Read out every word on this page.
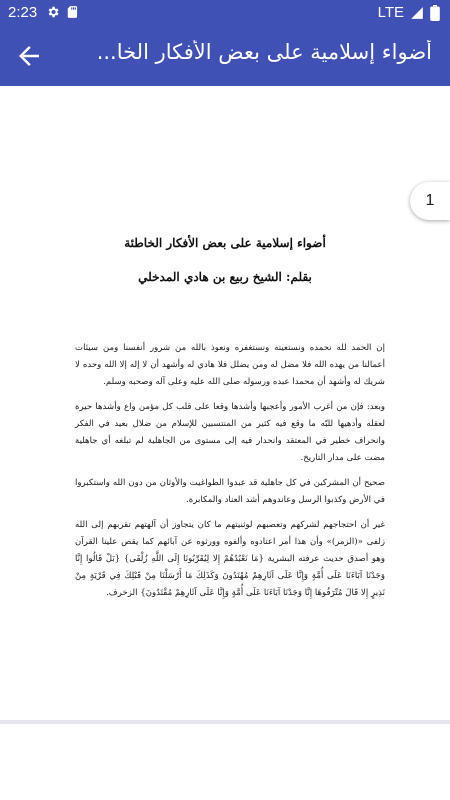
2:23	LTE
أضواء إسلامية على بعض الأفكار الخا...
1
أضواء إسلامية على بعض الأفكار الخاطئة
بقلم: الشيخ ربيع بن هادي المدخلي

إن الحمد لله نحمده ونستعينه ونستغفره ونعوذ بالله من شرور أنفسنا ومن سيئات أعمالنا من يهده الله فلا مضل له ومن يضلل فلا هادي له وأشهد أن لا إله إلا الله وحده لا شريك له وأشهد أن محمدا عبده ورسوله صلى الله عليه وعلى آله وصحبه وسلم.

وبعد: فإن من أغرب الأمور وأعجبها وأشدها وقعا على قلب كل مؤمن واع وأشدها حيرة لعقله وأدهيها للبّه ما وقع فيه كثير من المنتسبين للإسلام من ضلال بعيد في الفكر وانحراف خطير في المعتقد وانحدار فيه إلى مستوى من الجاهلية لم تبلغه أي جاهلية مضت على مدار التاريخ.

صحيح أن المشركين في كل جاهلية قد عبدوا الطواغيت والأوثان من دون الله واستكبروا في الأرض وكذبوا الرسل وعاندوهم أشد العناد والمكابرة.

غير أن احتجاجهم لشركهم وتعصبهم لوثنيتهم ما كان يتجاوز أن آلهتهم تقربهم إلى الله زلفى «(الزمر)» وأن هذا أمر اعتادوه وألفوه وورثوه عن آبائهم كما يقص علينا القرآن وهو أصدق حديث عرفته البشرية {مَا نَعْبُدُهُمْ إِلا لِيُقَرِّبُونَا إِلَى اللَّهِ زُلْفَى} {بَلْ قَالُوا إِنَّا وَجَدْنَا آبَاءَنَا عَلَى أُمَّةٍ وَإِنَّا عَلَى آثَارِهِمْ مُهْتَدُونَ وَكَذَلِكَ مَا أَرْسَلْنَا مِنْ قَبْلِكَ فِي قَرْيَةٍ مِنْ نَذِيرٍ إِلا قَالَ مُتْرَفُوهَا إِنَّا وَجَدْنَا آبَاءَنَا عَلَى أُمَّةٍ وَإِنَّا عَلَى آثَارِهِمْ مُقْتَدُونَ} الزخرف.
